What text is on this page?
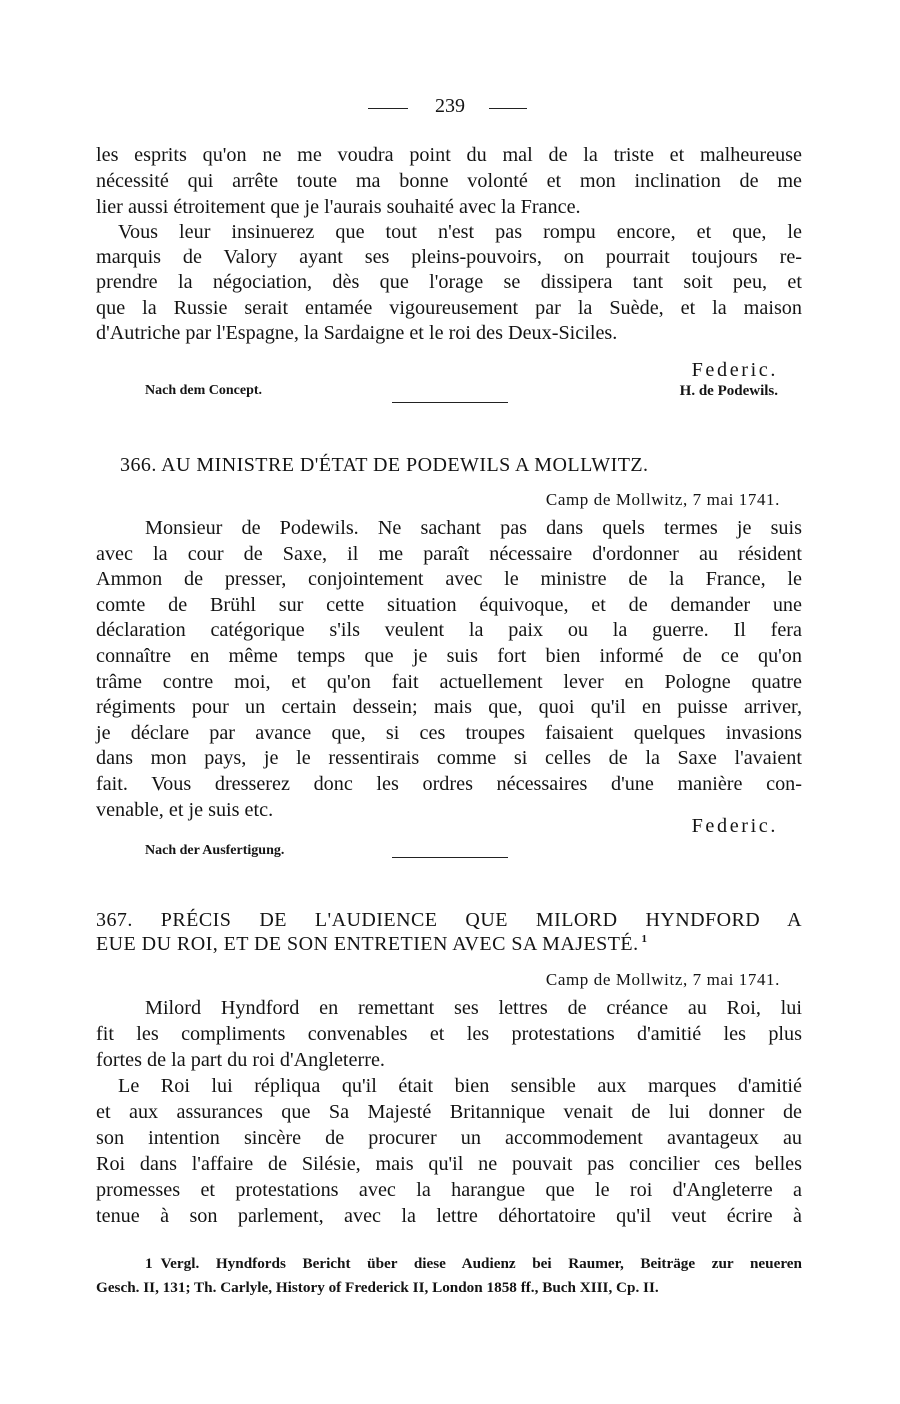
239
les esprits qu'on ne me voudra point du mal de la triste et malheureuse
nécessité qui arrête toute ma bonne volonté et mon inclination de me
lier aussi étroitement que je l'aurais souhaité avec la France.
Vous leur insinuerez que tout n'est pas rompu encore, et que, le
marquis de Valory ayant ses pleins-pouvoirs, on pourrait toujours re-
prendre la négociation, dès que l'orage se dissipera tant soit peu, et
que la Russie serait entamée vigoureusement par la Suède, et la maison
d'Autriche par l'Espagne, la Sardaigne et le roi des Deux-Siciles.
Federic.
Nach dem Concept.	H. de Podewils.
366. AU MINISTRE D'ÉTAT DE PODEWILS A MOLLWITZ.
Camp de Mollwitz, 7 mai 1741.
Monsieur de Podewils. Ne sachant pas dans quels termes je suis
avec la cour de Saxe, il me paraît nécessaire d'ordonner au résident
Ammon de presser, conjointement avec le ministre de la France, le
comte de Brühl sur cette situation équivoque, et de demander une
déclaration catégorique s'ils veulent la paix ou la guerre. Il fera
connaître en même temps que je suis fort bien informé de ce qu'on
trâme contre moi, et qu'on fait actuellement lever en Pologne quatre
régiments pour un certain dessein; mais que, quoi qu'il en puisse arriver,
je déclare par avance que, si ces troupes faisaient quelques invasions
dans mon pays, je le ressentirais comme si celles de la Saxe l'avaient
fait. Vous dresserez donc les ordres nécessaires d'une manière con-
venable, et je suis etc.
Federic.
Nach der Ausfertigung.
367. PRÉCIS DE L'AUDIENCE QUE MILORD HYNDFORD A
EUE DU ROI, ET DE SON ENTRETIEN AVEC SA MAJESTÉ. $^1$
Camp de Mollwitz, 7 mai 1741.
Milord Hyndford en remettant ses lettres de créance au Roi, lui
fit les compliments convenables et les protestations d'amitié les plus
fortes de la part du roi d'Angleterre.
Le Roi lui répliqua qu'il était bien sensible aux marques d'amitié
et aux assurances que Sa Majesté Britannique venait de lui donner de
son intention sincère de procurer un accommodement avantageux au
Roi dans l'affaire de Silésie, mais qu'il ne pouvait pas concilier ces belles
promesses et protestations avec la harangue que le roi d'Angleterre a
tenue à son parlement, avec la lettre déhortatoire qu'il veut écrire à
1 Vergl. Hyndfords Bericht über diese Audienz bei Raumer, Beiträge zur neueren
Gesch. II, 131; Th. Carlyle, History of Frederick II, London 1858 ff., Buch XIII, Cp. II.
